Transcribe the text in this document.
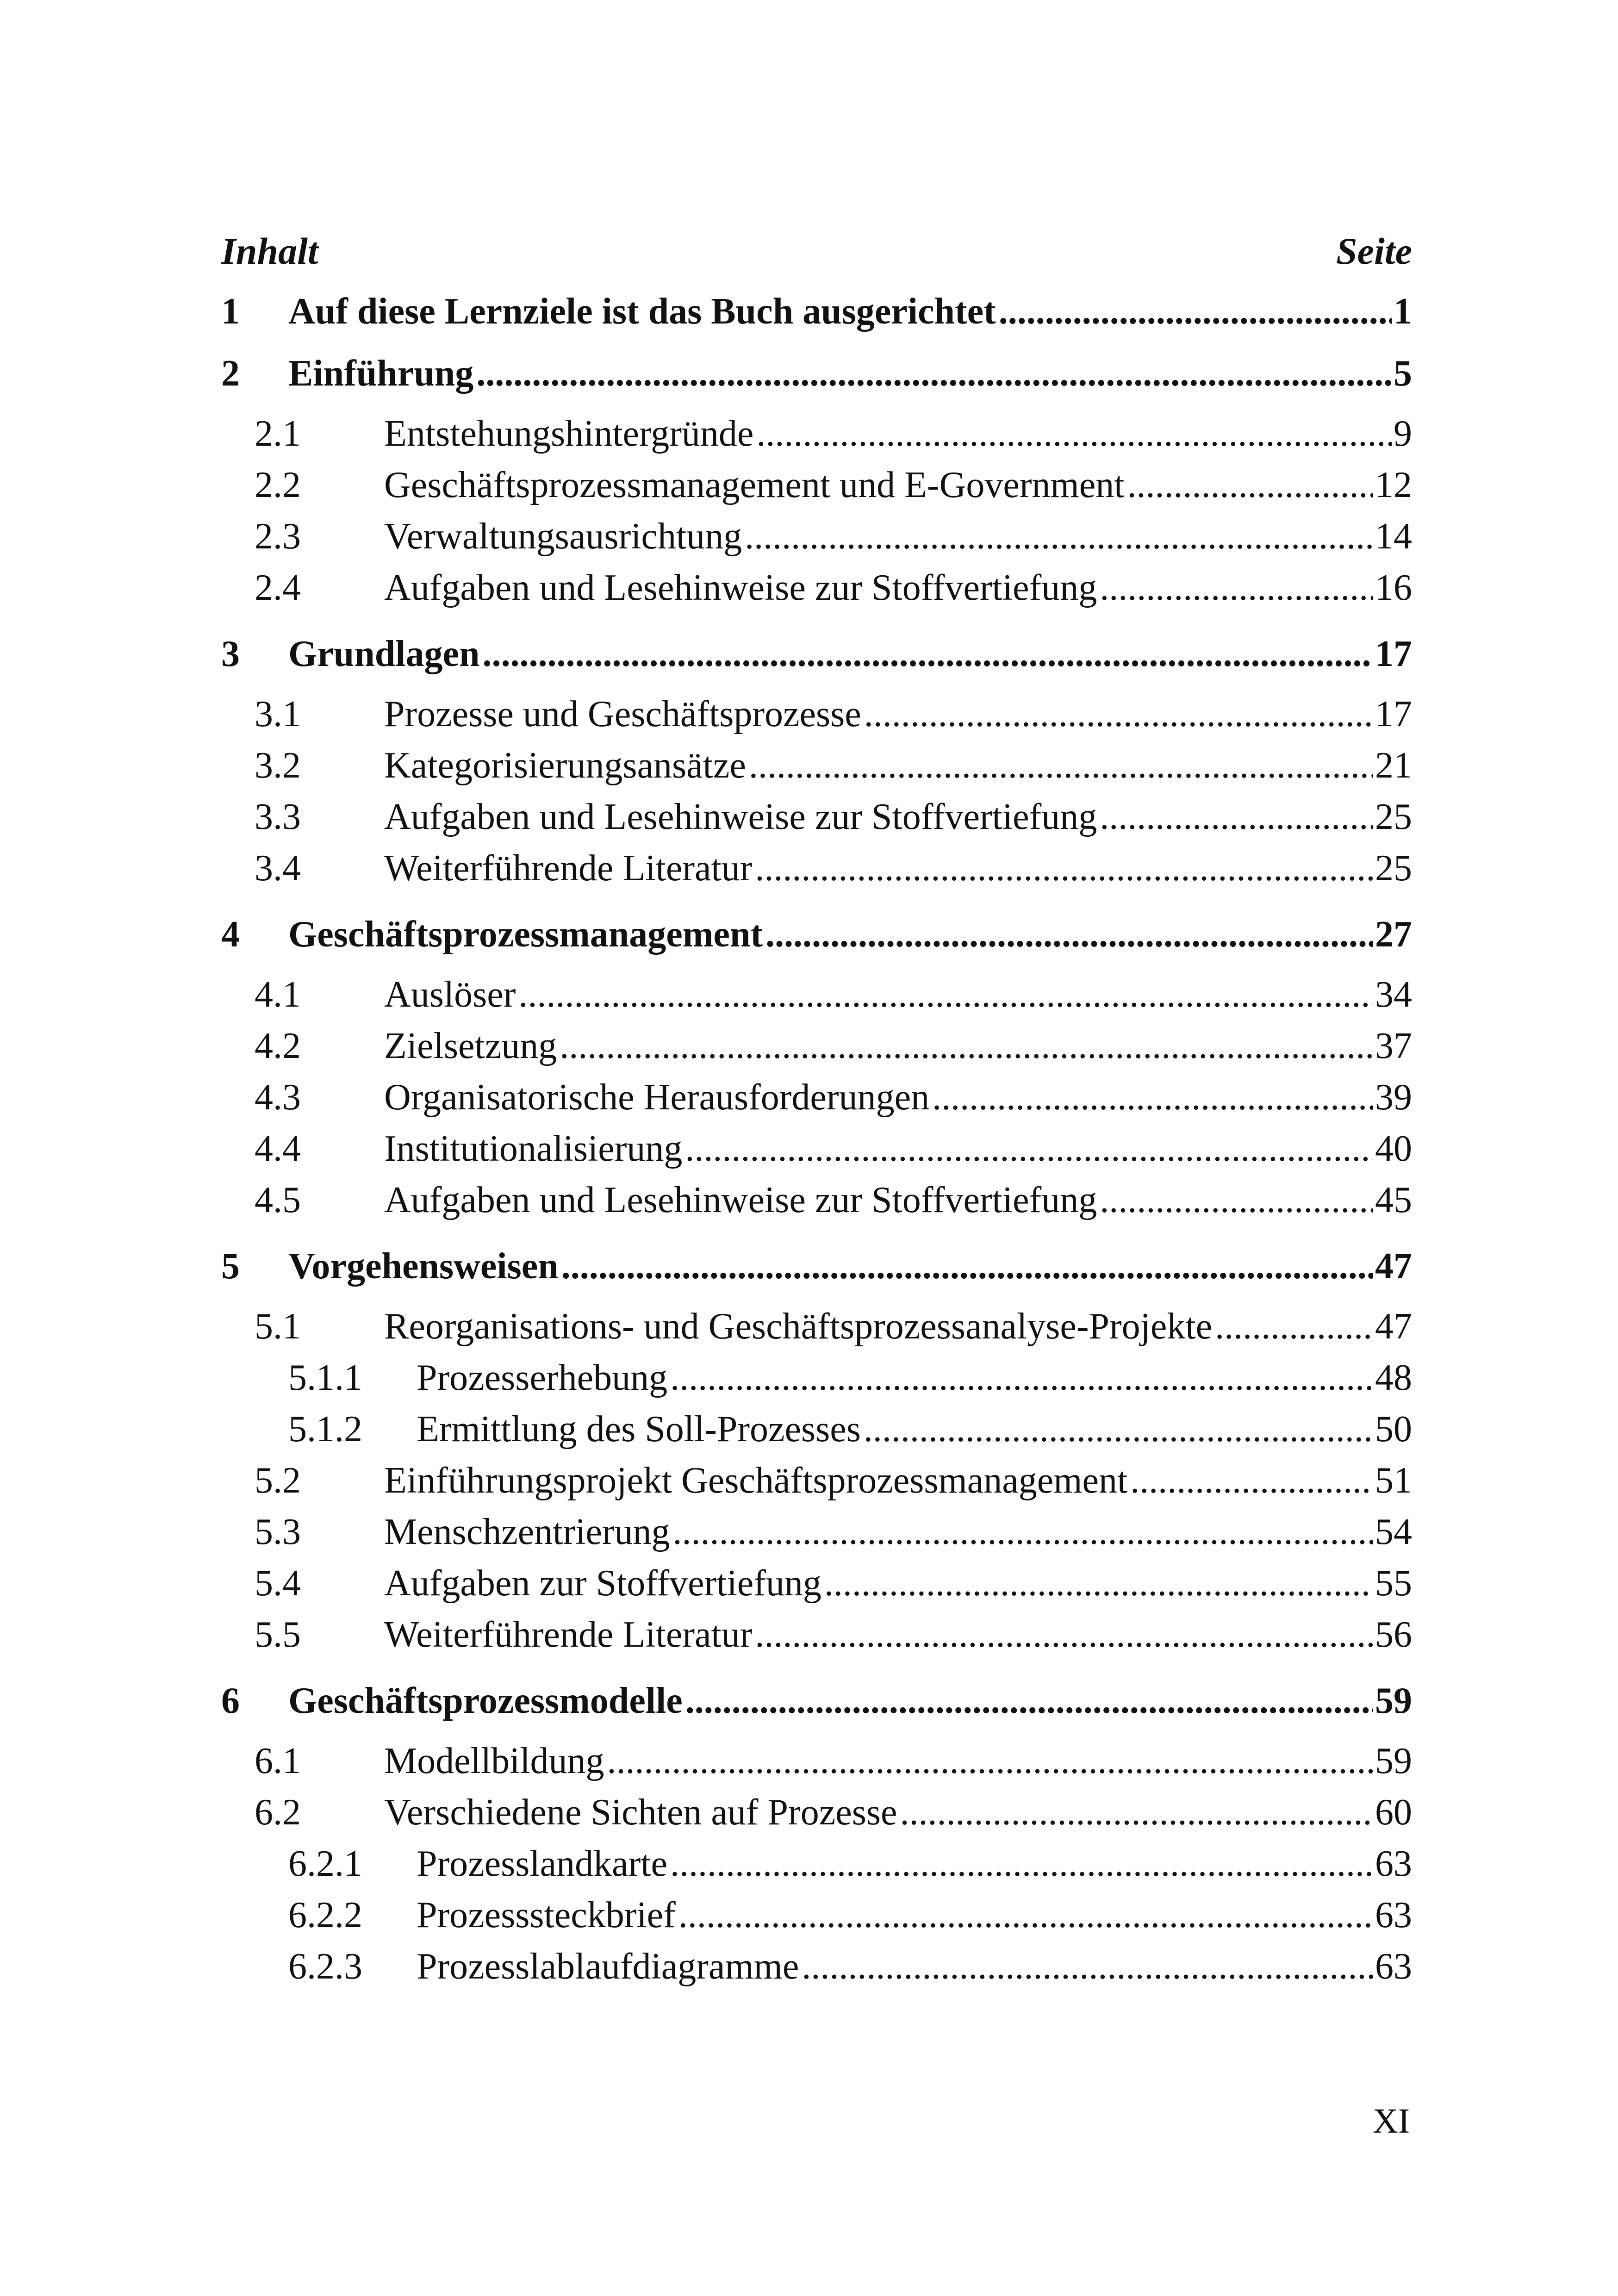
Inhalt	Seite
1	Auf diese Lernziele ist das Buch ausgerichtet .....	1
2	Einführung .....	5
2.1	Entstehungshintergründe .....	9
2.2	Geschäftsprozessmanagement und E-Government .....	12
2.3	Verwaltungsausrichtung .....	14
2.4	Aufgaben und Lesehinweise zur Stoffvertiefung .....	16
3	Grundlagen .....	17
3.1	Prozesse und Geschäftsprozesse .....	17
3.2	Kategorisierungsansätze .....	21
3.3	Aufgaben und Lesehinweise zur Stoffvertiefung .....	25
3.4	Weiterführende Literatur .....	25
4	Geschäftsprozessmanagement .....	27
4.1	Auslöser .....	34
4.2	Zielsetzung .....	37
4.3	Organisatorische Herausforderungen .....	39
4.4	Institutionalisierung .....	40
4.5	Aufgaben und Lesehinweise zur Stoffvertiefung .....	45
5	Vorgehensweisen .....	47
5.1	Reorganisations- und Geschäftsprozessanalyse-Projekte .....	47
5.1.1	Prozesserhebung .....	48
5.1.2	Ermittlung des Soll-Prozesses .....	50
5.2	Einführungsprojekt Geschäftsprozessmanagement .....	51
5.3	Menschzentrierung .....	54
5.4	Aufgaben zur Stoffvertiefung .....	55
5.5	Weiterführende Literatur .....	56
6	Geschäftsprozessmodelle .....	59
6.1	Modellbildung .....	59
6.2	Verschiedene Sichten auf Prozesse .....	60
6.2.1	Prozesslandkarte .....	63
6.2.2	Prozesssteckbrief .....	63
6.2.3	Prozesslablaufdiagramme .....	63
XI
